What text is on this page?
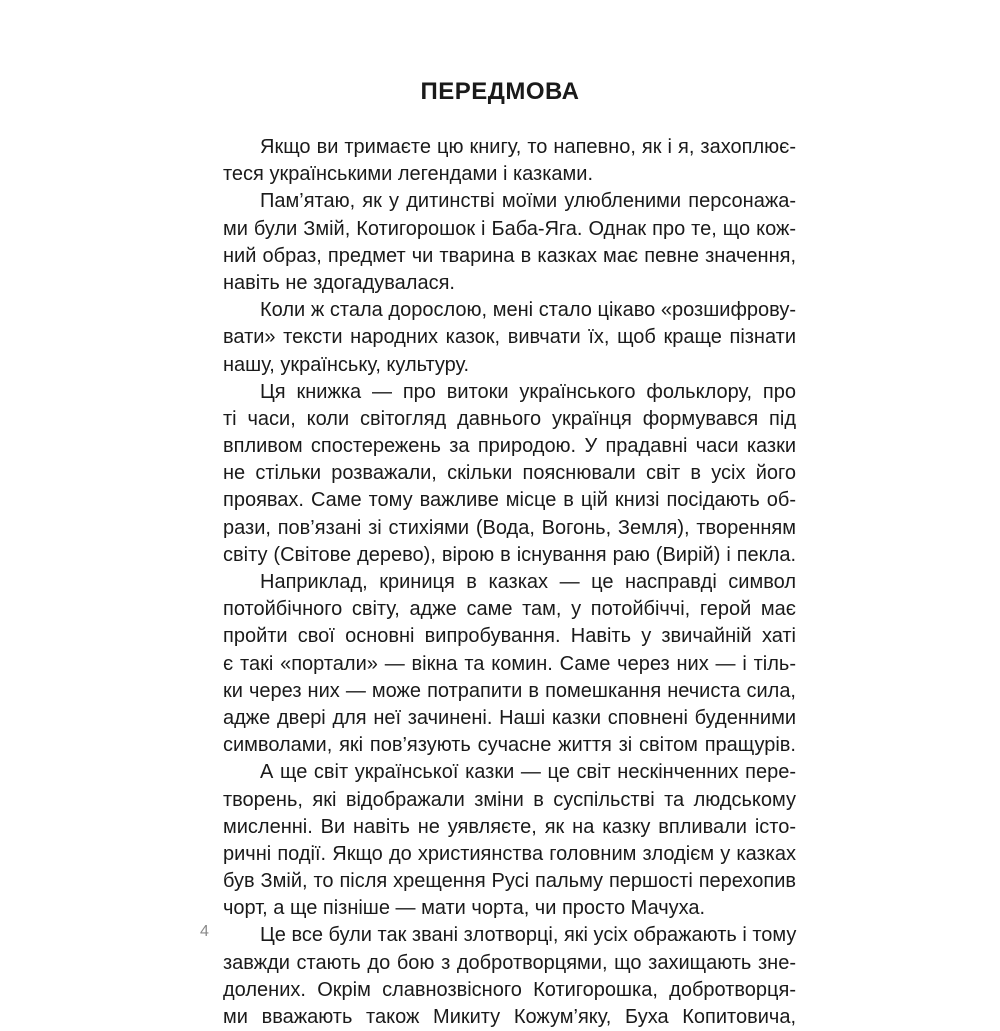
ПЕРЕДМОВА
Якщо ви тримаєте цю книгу, то напевно, як і я, захоплює-
теся українськими легендами і казками.
Пам’ятаю, як у дитинстві моїми улюбленими персонажа-
ми були Змій, Котигорошок і Баба-Яга. Однак про те, що кож-
ний образ, предмет чи тварина в казках має певне значення,
навіть не здогадувалася.
Коли ж стала дорослою, мені стало цікаво «розшифрову-
вати» тексти народних казок, вивчати їх, щоб краще пізнати
нашу, українську, культуру.
Ця книжка — про витоки українського фольклору, про
ті часи, коли світогляд давнього українця формувався під
впливом спостережень за природою. У прадавні часи казки
не стільки розважали, скільки пояснювали світ в усіх його
проявах. Саме тому важливе місце в цій книзі посідають об-
рази, пов’язані зі стихіями (Вода, Вогонь, Земля), творенням
світу (Світове дерево), вірою в існування раю (Вирій) і пекла.
Наприклад, криниця в казках — це насправді символ
потойбічного світу, адже саме там, у потойбіччі, герой має
пройти свої основні випробування. Навіть у звичайній хаті
є такі «портали» — вікна та комин. Саме через них — і тіль-
ки через них — може потрапити в помешкання нечиста сила,
адже двері для неї зачинені. Наші казки сповнені буденними
символами, які пов’язують сучасне життя зі світом пращурів.
А ще світ української казки — це світ нескінченних пере-
творень, які відображали зміни в суспільстві та людському
мисленні. Ви навіть не уявляєте, як на казку впливали істо-
ричні події. Якщо до християнства головним злодієм у казках
був Змій, то після хрещення Русі пальму першості перехопив
чорт, а ще пізніше — мати чорта, чи просто Мачуха.
Це все були так звані злотворці, які усіх ображають і тому
завжди стають до бою з добротворцями, що захищають зне-
долених. Окрім славнозвісного Котигорошка, добротворця-
ми вважають також Микиту Кожум’яку, Буха Копитовича,
4
